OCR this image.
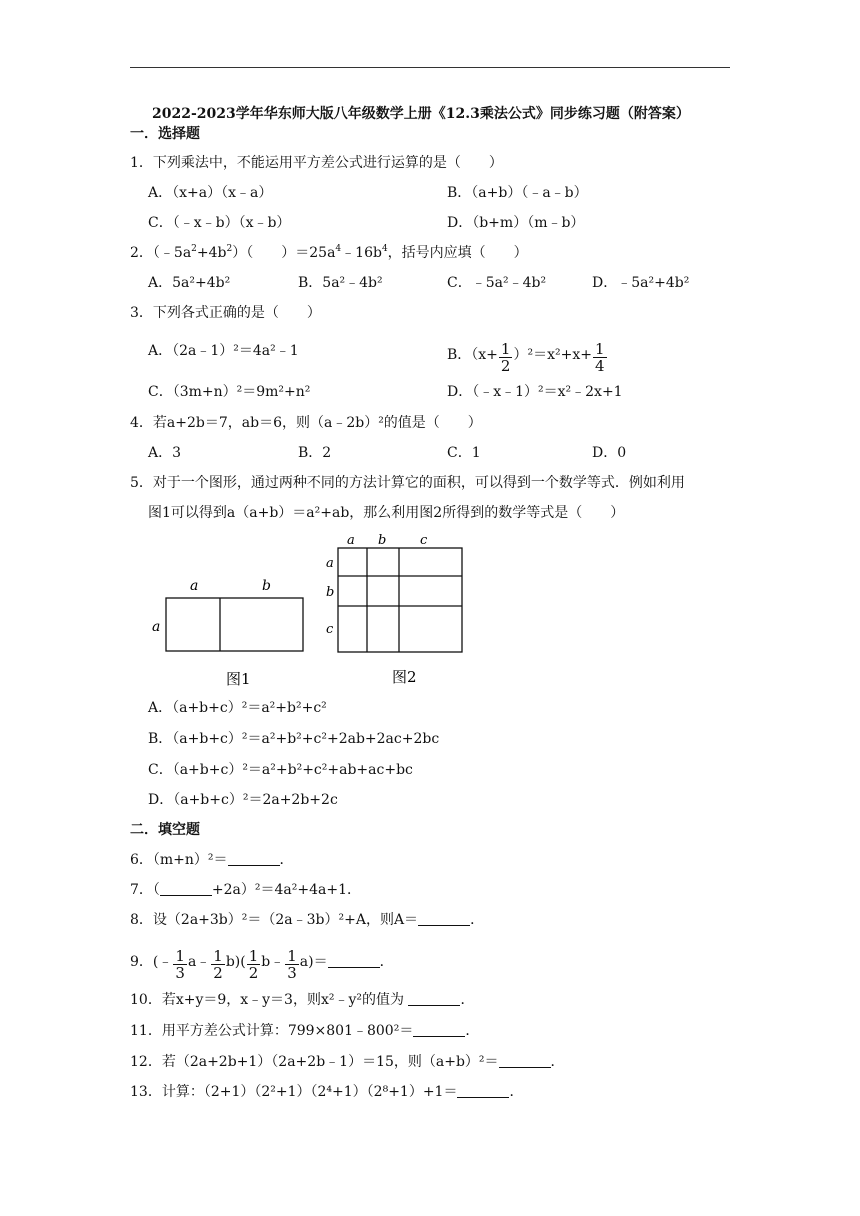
2022-2023学年华东师大版八年级数学上册《12.3乘法公式》同步练习题（附答案）
一．选择题
1．下列乘法中，不能运用平方差公式进行运算的是（　　）
A．（x+a）（x﹣a）	B．（a+b）（﹣a﹣b）
C．（﹣x﹣b）（x﹣b）	D．（b+m）（m﹣b）
2．$(﹣5a^2+4b^2)$（　　）$=25a^4﹣16b^4$，括号内应填（　　）
A．5a²+4b²	B．5a²﹣4b²	C．﹣5a²﹣4b²	D．﹣5a²+4b²
3．下列各式正确的是（　　）
A．（2a﹣1）²＝4a²﹣1	B．$(x+ \frac{1}{2} )^2=x^2+x+ \frac{1}{4}$
C．（3m+n）²＝9m²+n²	D．（﹣x﹣1）²＝x²﹣2x+1
4．若a+2b＝7，ab＝6，则（a﹣2b）²的值是（　　）
A．3	B．2	C．1	D．0
5．对于一个图形，通过两种不同的方法计算它的面积，可以得到一个数学等式．例如利用
图1可以得到a（a+b）＝a²+ab，那么利用图2所得到的数学等式是（　　）
a	b
a
图1
a b	c
a
b
c
图2
A．（a+b+c）²＝a²+b²+c²
B．（a+b+c）²＝a²+b²+c²+2ab+2ac+2bc
C．（a+b+c）²＝a²+b²+c²+ab+ac+bc
D．（a+b+c）²＝2a+2b+2c
二．填空题
6．（m+n）²＝	．
7．（	+2a）²＝4a²+4a+1．
8．设（2a+3b）²＝（2a﹣3b）²+A，则A＝	．
9．(﹣ $\frac{1}{3}$ a﹣ $\frac{1}{2} b)( \frac{1}{2}$ b﹣ $\frac{1}{3} a)=$	．
10．若x+y＝9，x﹣y＝3，则x²﹣y²的值为	．
11．用平方差公式计算：799×801﹣800²＝	．
12．若（2a+2b+1）（2a+2b﹣1）＝15，则（a+b）²＝	．
13．计算：（2+1）（2²+1）（2⁴+1）（2⁸+1）+1＝	．
